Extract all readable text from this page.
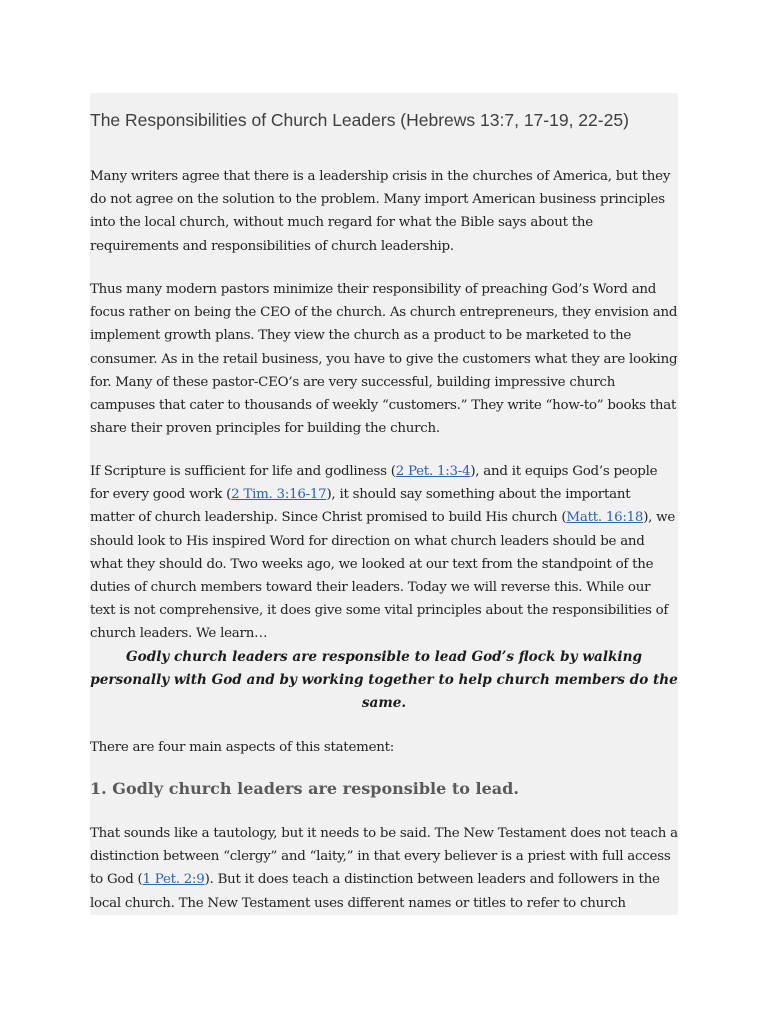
The Responsibilities of Church Leaders (Hebrews 13:7, 17-19, 22-25)

Many writers agree that there is a leadership crisis in the churches of America, but they do not agree on the solution to the problem. Many import American business principles into the local church, without much regard for what the Bible says about the requirements and responsibilities of church leadership.

Thus many modern pastors minimize their responsibility of preaching God’s Word and focus rather on being the CEO of the church. As church entrepreneurs, they envision and implement growth plans. They view the church as a product to be marketed to the consumer. As in the retail business, you have to give the customers what they are looking for. Many of these pastor-CEO’s are very successful, building impressive church campuses that cater to thousands of weekly “customers.” They write “how-to” books that share their proven principles for building the church.

If Scripture is sufficient for life and godliness (2 Pet. 1:3-4), and it equips God’s people for every good work (2 Tim. 3:16-17), it should say something about the important matter of church leadership. Since Christ promised to build His church (Matt. 16:18), we should look to His inspired Word for direction on what church leaders should be and what they should do. Two weeks ago, we looked at our text from the standpoint of the duties of church members toward their leaders. Today we will reverse this. While our text is not comprehensive, it does give some vital principles about the responsibilities of church leaders. We learn…

Godly church leaders are responsible to lead God’s flock by walking personally with God and by working together to help church members do the same.

There are four main aspects of this statement:

1. Godly church leaders are responsible to lead.

That sounds like a tautology, but it needs to be said. The New Testament does not teach a distinction between “clergy” and “laity,” in that every believer is a priest with full access to God (1 Pet. 2:9). But it does teach a distinction between leaders and followers in the local church. The New Testament uses different names or titles to refer to church
